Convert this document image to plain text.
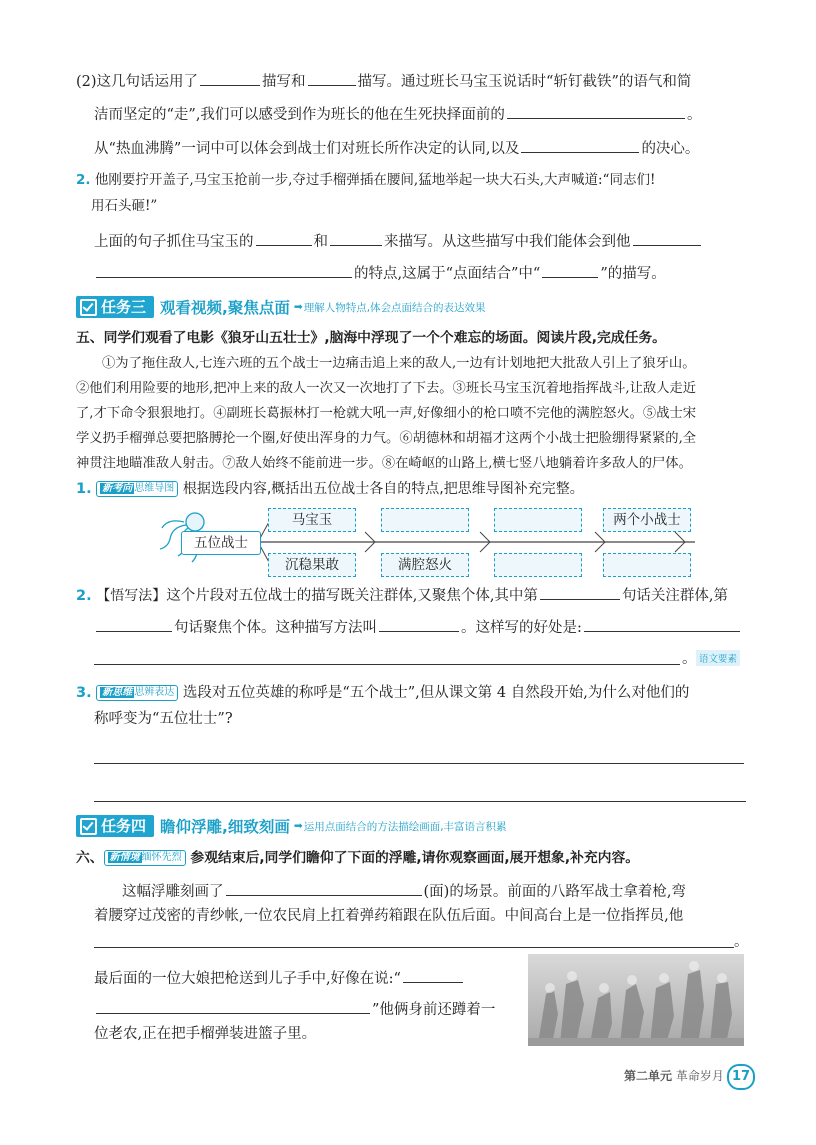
(2)这几句话运用了	描写和	描写。通过班长马宝玉说话时“斩钉截铁”的语气和简
洁而坚定的“走”,我们可以感受到作为班长的他在生死抉择面前的	。
从“热血沸腾”一词中可以体会到战士们对班长所作决定的认同,以及	的决心。
2. 他刚要拧开盖子,马宝玉抢前一步,夺过手榴弹插在腰间,猛地举起一块大石头,大声喊道:“同志们!
用石头砸!”
上面的句子抓住马宝玉的	和	来描写。从这些描写中我们能体会到他
的特点,这属于“点面结合”中“	”的描写。
任务三 观看视频,聚焦点面 ➡ 理解人物特点,体会点面结合的表达效果
五、同学们观看了电影《狼牙山五壮士》,脑海中浮现了一个个难忘的场面。阅读片段,完成任务。
①为了拖住敌人,七连六班的五个战士一边痛击追上来的敌人,一边有计划地把大批敌人引上了狼牙山。
②他们利用险要的地形,把冲上来的敌人一次又一次地打了下去。③班长马宝玉沉着地指挥战斗,让敌人走近
了,才下命令狠狠地打。④副班长葛振林打一枪就大吼一声,好像细小的枪口喷不完他的满腔怒火。⑤战士宋
学义扔手榴弹总要把胳膊抡一个圈,好使出浑身的力气。⑥胡德林和胡福才这两个小战士把脸绷得紧紧的,全
神贯注地瞄准敌人射击。⑦敌人始终不能前进一步。⑧在崎岖的山路上,横七竖八地躺着许多敌人的尸体。
1. 新考向 思维导图 根据选段内容,概括出五位战士各自的特点,把思维导图补充完整。
五位战士
马宝玉	两个小战士
沉稳果敢	满腔怒火
2. 【悟写法】这个片段对五位战士的描写既关注群体,又聚焦个体,其中第	句话关注群体,第
句话聚焦个体。这种描写方法叫	。这样写的好处是:
。 语文要素
3. 新思维 思辨表达 选段对五位英雄的称呼是“五个战士”,但从课文第 4 自然段开始,为什么对他们的
称呼变为“五位壮士”?
任务四 瞻仰浮雕,细致刻画 ➡ 运用点面结合的方法描绘画面,丰富语言积累
六、 新情境 缅怀先烈 参观结束后,同学们瞻仰了下面的浮雕,请你观察画面,展开想象,补充内容。
这幅浮雕刻画了	(面)的场景。前面的八路军战士拿着枪,弯
着腰穿过茂密的青纱帐,一位农民肩上扛着弹药箱跟在队伍后面。中间高台上是一位指挥员,他
。
最后面的一位大娘把枪送到儿子手中,好像在说:“
”他俩身前还蹲着一
位老农,正在把手榴弹装进篮子里。
第二单元 革命岁月 17
